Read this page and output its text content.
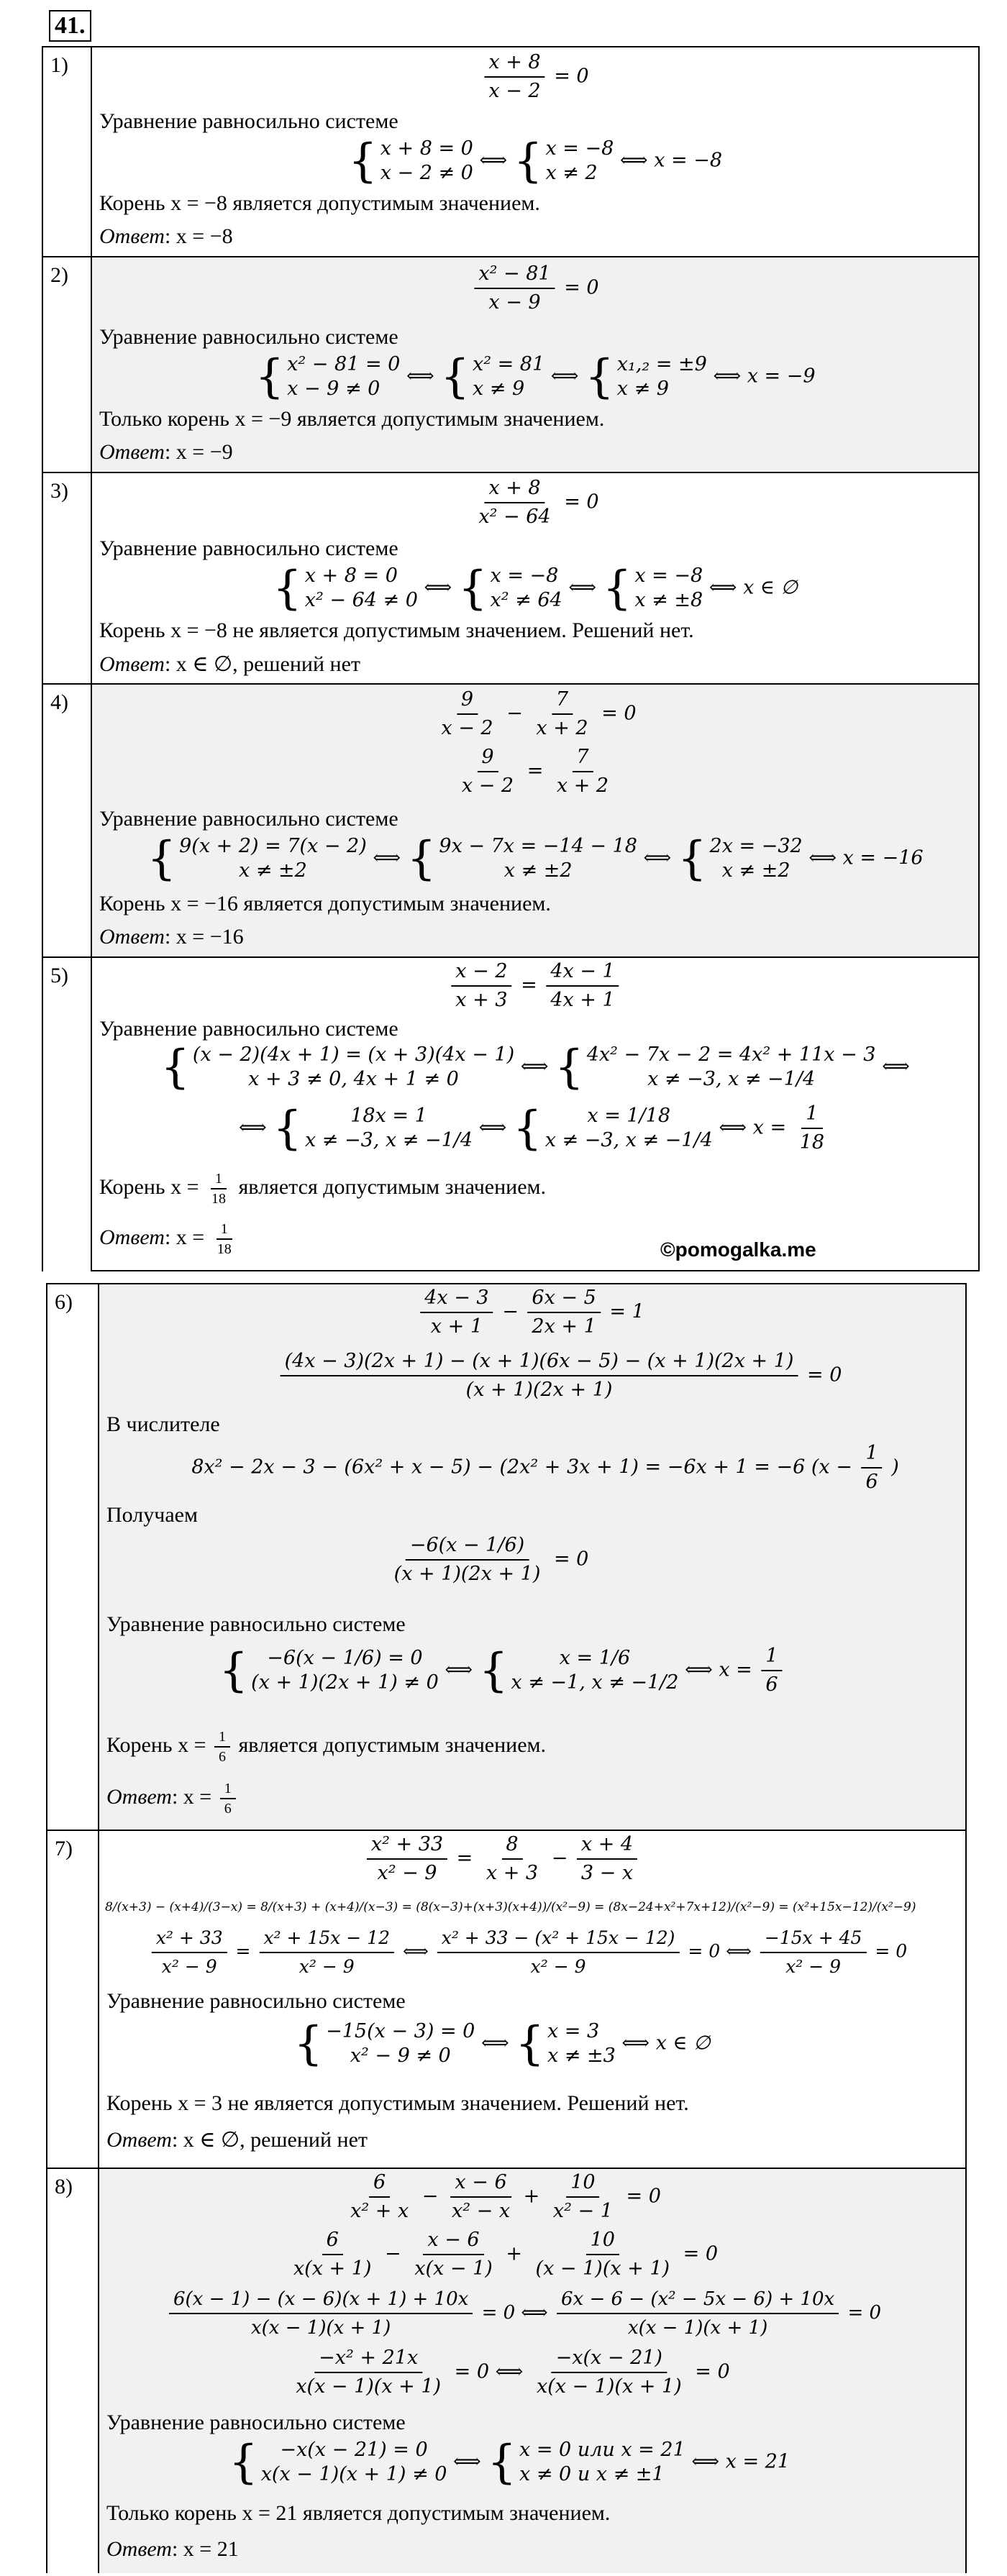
41.
1)	$\frac{x + 8}{x - 2} = 0$
Уравнение равносильно системе
{ x + 8 = 0
x − 2 ≠ 0
⟺ { x = −8
x ≠ 2
⟺ x = −8
Корень x = −8 является допустимым значением.
Ответ: x = −8
2)	$\frac{\text{x² − 81}}{x - 9} = 0$
Уравнение равносильно системе
{ x² − 81 = 0
x − 9 ≠ 0
⟺ { x² = 81
x ≠ 9
⟺ { x₁,₂ = ±9
x ≠ 9
⟺ x = −9
Только корень x = −9 является допустимым значением.
Ответ: x = −9
3)	$\frac{x + 8}{\text{x² − 64}} = 0$
Уравнение равносильно системе
{ x + 8 = 0
x² − 64 ≠ 0
⟺ { x = −8
x² ≠ 64
⟺ { x = −8
x ≠ ±8
⟺ x ∈ ∅
Корень x = −8 не является допустимым значением. Решений нет.
Ответ: x ∈ ∅, решений нет
4)	$\frac{9}{x - 2} - \frac{7}{x + 2} = 0$
$\frac{9}{x - 2} = \frac{7}{x + 2}$
Уравнение равносильно системе
{ 9(x + 2) = 7(x − 2)
x ≠ ±2
⟺ { 9x − 7x = −14 − 18
x ≠ ±2
⟺ { 2x = −32
x ≠ ±2
⟺ x = −16
Корень x = −16 является допустимым значением.
Ответ: x = −16
5)	$\frac{x - 2}{x + 3} = \frac{4x - 1}{4x + 1}$
Уравнение равносильно системе
{ (x − 2)(4x + 1) = (x + 3)(4x − 1)
x + 3 ≠ 0, 4x + 1 ≠ 0
⟺ { 4x² − 7x − 2 = 4x² + 11x − 3
x ≠ −3, x ≠ −1/4
⟺
⟺ { 18x = 1
x ≠ −3, x ≠ −1/4
⟺ { x = 1/18
x ≠ −3, x ≠ −1/4
⟺ $x = \frac{1}{18}$
Корень $x = \frac{1}{18}$ является допустимым значением.
Ответ: $x = \frac{1}{18}$	©pomogalka.me
6)	$\frac{4x - 3}{x + 1} - \frac{6x - 5}{2x + 1} = 1$
$\frac{(4x - 3)(2x + 1) - (x + 1)(6x - 5) - (x + 1)(2x + 1)}{(x + 1)(2x + 1)} = 0$
В числителе
8x² − 2x − 3 − (6x² + x − 5) − (2x² + 3x + 1) = −6x + 1 = −6 ($x - \frac{1}{6}$ )
Получаем
$\frac{-6(x - 1/6)}{(x + 1)(2x + 1)} = 0$
Уравнение равносильно системе
{ −6(x − 1/6) = 0
(x + 1)(2x + 1) ≠ 0
⟺ {	x = 1/6
x ≠ −1, x ≠ −1/2
⟺ $x = \frac{1}{6}$
Корень $x = \frac{1}{6}$ является допустимым значением.
Ответ: $x = \frac{1}{6}$
7)	$\frac{\text{x² + 33}}{\text{x² − 9}} = \frac{8}{x + 3} - \frac{x + 4}{3 - x}$
8/(x+3) − (x+4)/(3−x) = 8/(x+3) + (x+4)/(x−3) = (8(x−3)+(x+3)(x+4))/(x²−9) = (8x−24+x²+7x+12)/(x²−9) = (x²+15x−12)/(x²−9)
$\frac{\text{x² + 33}}{\text{x² − 9}} = \frac{\text{x² + 15x − 12}}{\text{x² − 9}}$ ⟺ $\frac{\text{x² + 33 − (x² + 15x − 12)}}{\text{x² − 9}} = 0$ ⟺ $\frac{-15x + 45}{\text{x² − 9}} = 0$
Уравнение равносильно системе
{ −15(x − 3) = 0
x² − 9 ≠ 0
⟺ { x = 3
x ≠ ±3
⟺ x ∈ ∅
Корень x = 3 не является допустимым значением. Решений нет.
Ответ: x ∈ ∅, решений нет
8)	$\frac{6}{\text{x² + x}} - \frac{x - 6}{\text{x² − x}} + \frac{10}{\text{x² − 1}} = 0$
$\frac{6}{x(x + 1)} - \frac{x - 6}{x(x - 1)} + \frac{10}{(x - 1)(x + 1)} = 0$
$\frac{6(x - 1) - (x - 6)(x + 1) + 10x}{x(x - 1)(x + 1)} = 0$ ⟺ $\frac{\text{6x − 6 − (x² − 5x − 6) + 10x}}{x(x - 1)(x + 1)} = 0$
$\frac{\text{−x² + 21x}}{x(x - 1)(x + 1)} = 0$ ⟺ $\frac{-x(x - 21)}{x(x - 1)(x + 1)} = 0$
Уравнение равносильно системе
{ −x(x − 21) = 0
x(x − 1)(x + 1) ≠ 0
⟺ { x = 0 или x = 21
x ≠ 0 и x ≠ ±1
⟺ x = 21
Только корень x = 21 является допустимым значением.
Ответ: x = 21
